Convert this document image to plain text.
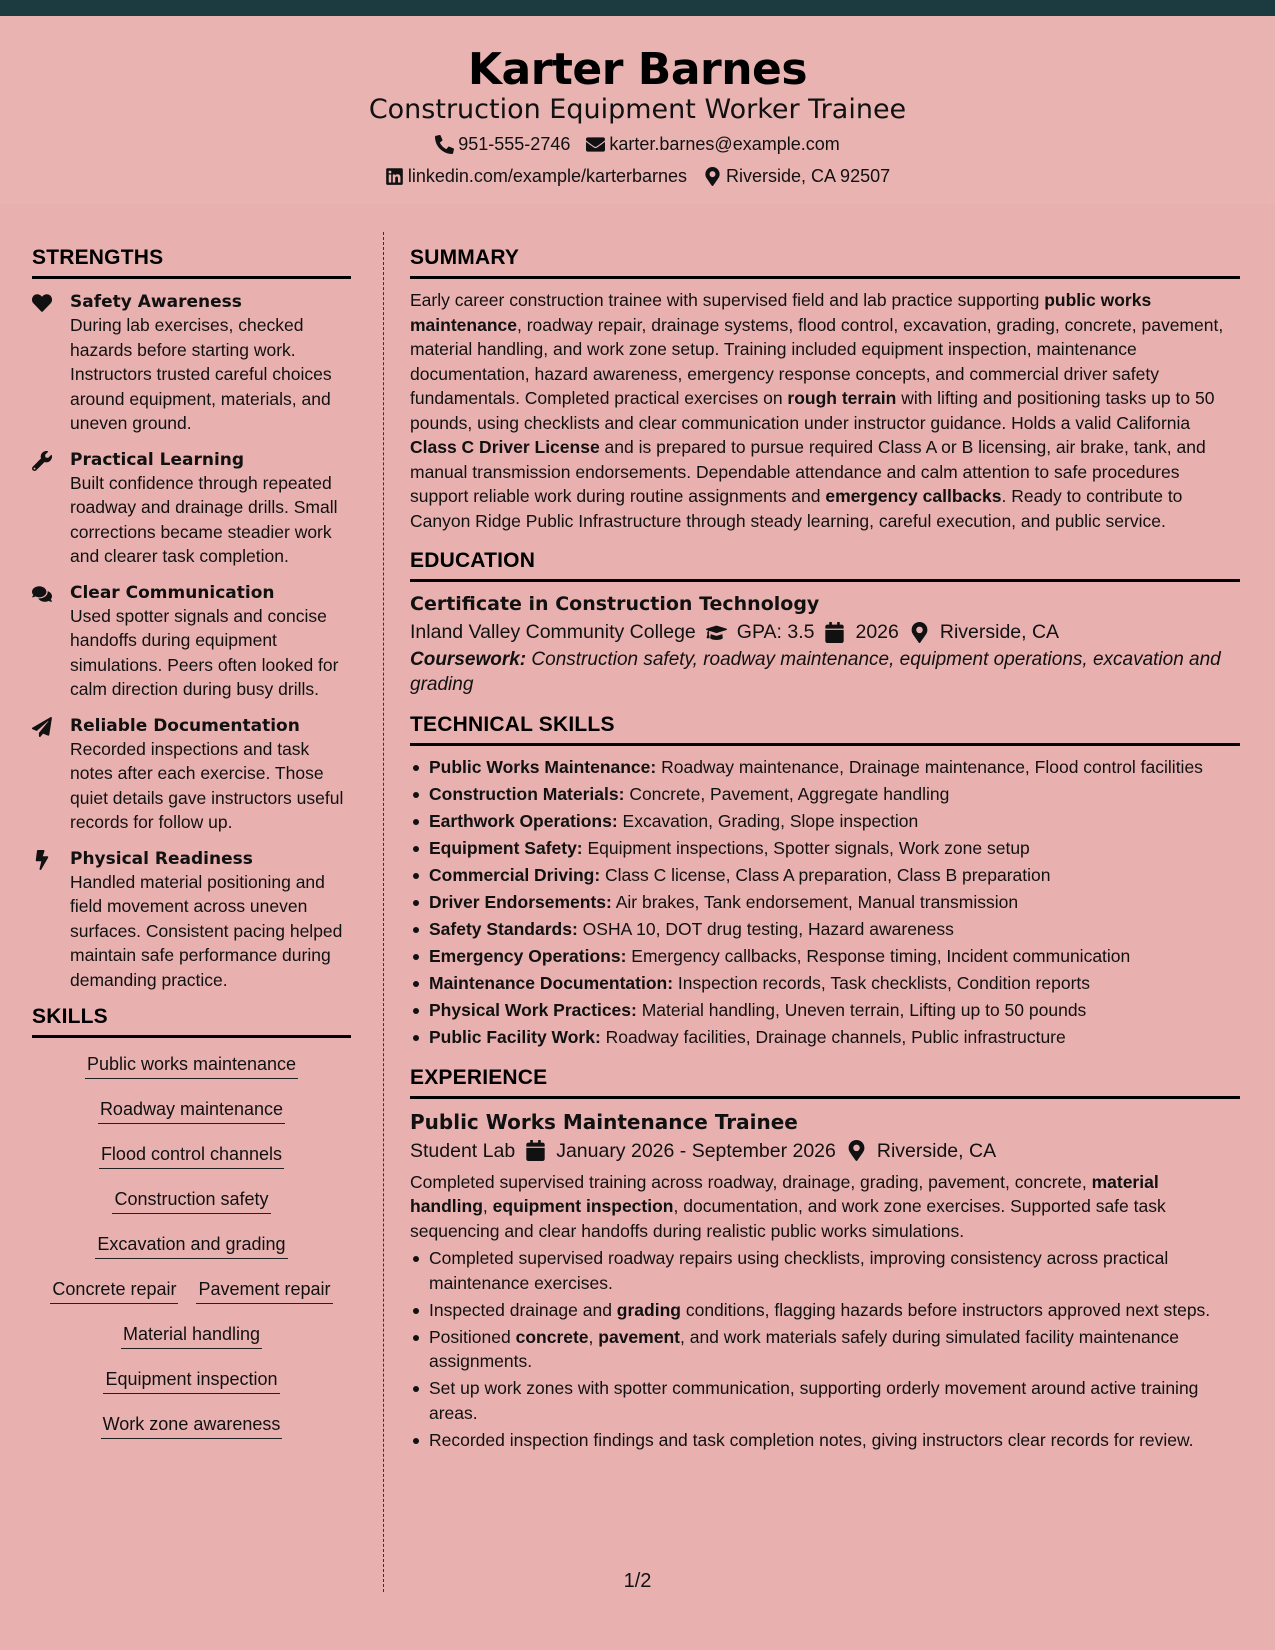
Karter Barnes
Construction Equipment Worker Trainee
951-555-2746 karter.barnes@example.com
linkedin.com/example/karterbarnes Riverside, CA 92507
STRENGTHS
Safety Awareness
During lab exercises, checked hazards before starting work. Instructors trusted careful choices around equipment, materials, and uneven ground.
Practical Learning
Built confidence through repeated roadway and drainage drills. Small corrections became steadier work and clearer task completion.
Clear Communication
Used spotter signals and concise handoffs during equipment simulations. Peers often looked for calm direction during busy drills.
Reliable Documentation
Recorded inspections and task notes after each exercise. Those quiet details gave instructors useful records for follow up.
Physical Readiness
Handled material positioning and field movement across uneven surfaces. Consistent pacing helped maintain safe performance during demanding practice.
SKILLS
Public works maintenance
Roadway maintenance
Flood control channels
Construction safety
Excavation and grading
Concrete repair Pavement repair
Material handling
Equipment inspection
Work zone awareness
SUMMARY

Early career construction trainee with supervised field and lab practice supporting public works maintenance, roadway repair, drainage systems, flood control, excavation, grading, concrete, pavement, material handling, and work zone setup. Training included equipment inspection, maintenance documentation, hazard awareness, emergency response concepts, and commercial driver safety fundamentals. Completed practical exercises on rough terrain with lifting and positioning tasks up to 50 pounds, using checklists and clear communication under instructor guidance. Holds a valid California Class C Driver License and is prepared to pursue required Class A or B licensing, air brake, tank, and manual transmission endorsements. Dependable attendance and calm attention to safe procedures support reliable work during routine assignments and emergency callbacks. Ready to contribute to Canyon Ridge Public Infrastructure through steady learning, careful execution, and public service.

EDUCATION
Certificate in Construction Technology
Inland Valley Community College GPA: 3.5 2026 Riverside, CA

Coursework: Construction safety, roadway maintenance, equipment operations, excavation and grading

TECHNICAL SKILLS
Public Works Maintenance: Roadway maintenance, Drainage maintenance, Flood control facilities
Construction Materials: Concrete, Pavement, Aggregate handling
Earthwork Operations: Excavation, Grading, Slope inspection
Equipment Safety: Equipment inspections, Spotter signals, Work zone setup
Commercial Driving: Class C license, Class A preparation, Class B preparation
Driver Endorsements: Air brakes, Tank endorsement, Manual transmission
Safety Standards: OSHA 10, DOT drug testing, Hazard awareness
Emergency Operations: Emergency callbacks, Response timing, Incident communication
Maintenance Documentation: Inspection records, Task checklists, Condition reports
Physical Work Practices: Material handling, Uneven terrain, Lifting up to 50 pounds
Public Facility Work: Roadway facilities, Drainage channels, Public infrastructure
EXPERIENCE
Public Works Maintenance Trainee
Student Lab January 2026 - September 2026 Riverside, CA

Completed supervised training across roadway, drainage, grading, pavement, concrete, material handling, equipment inspection, documentation, and work zone exercises. Supported safe task sequencing and clear handoffs during realistic public works simulations.

Completed supervised roadway repairs using checklists, improving consistency across practical maintenance exercises.
Inspected drainage and grading conditions, flagging hazards before instructors approved next steps.
Positioned concrete, pavement, and work materials safely during simulated facility maintenance assignments.
Set up work zones with spotter communication, supporting orderly movement around active training areas.
Recorded inspection findings and task completion notes, giving instructors clear records for review.
1/2
